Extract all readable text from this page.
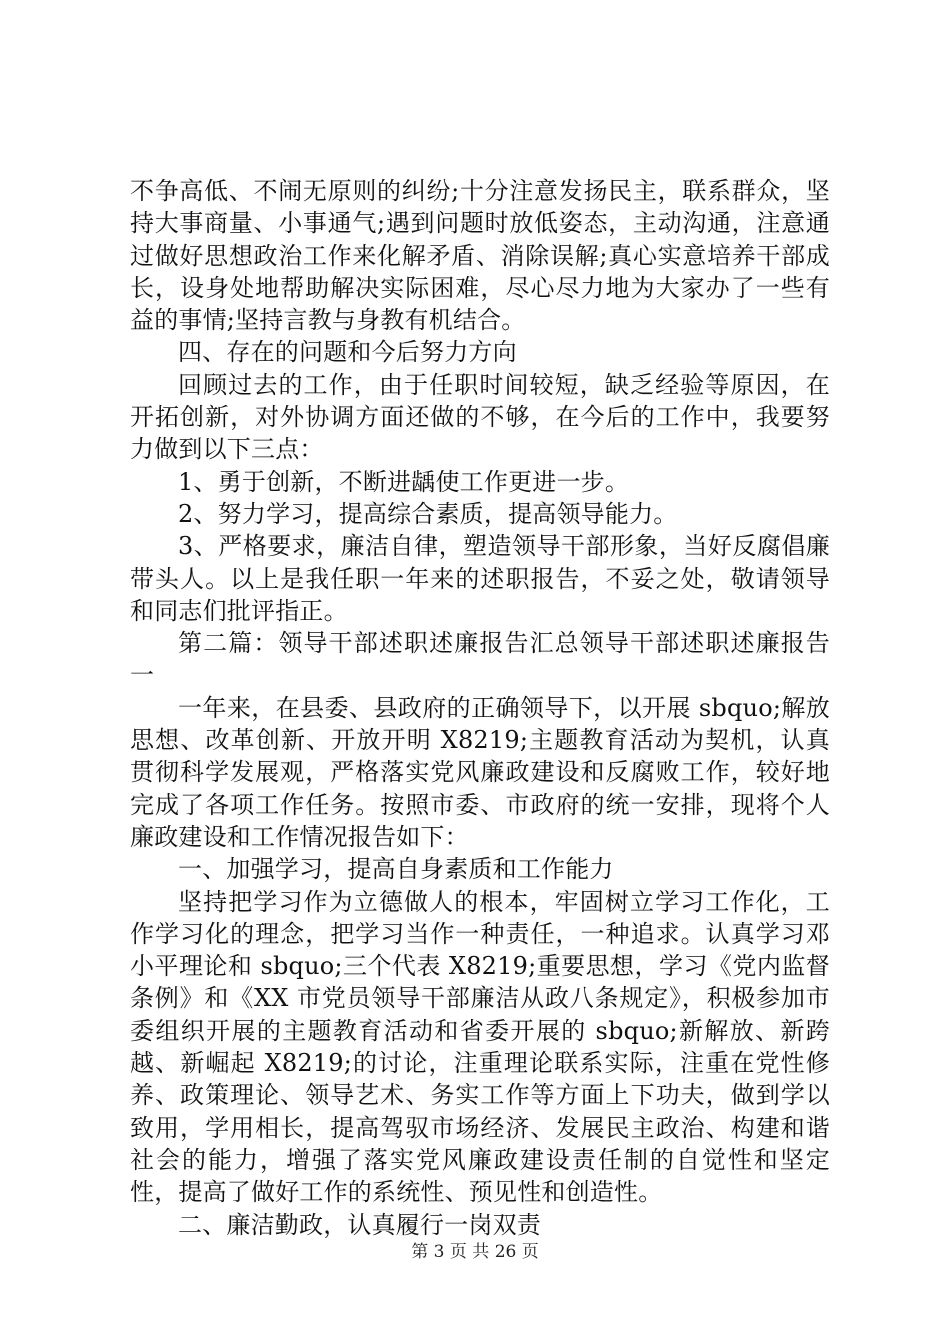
不争高低、不闹无原则的纠纷;十分注意发扬民主，联系群众，坚持大事商量、小事通气;遇到问题时放低姿态，主动沟通，注意通过做好思想政治工作来化解矛盾、消除误解;真心实意培养干部成长，设身处地帮助解决实际困难，尽心尽力地为大家办了一些有益的事情;坚持言教与身教有机结合。

四、存在的问题和今后努力方向

回顾过去的工作，由于任职时间较短，缺乏经验等原因，在开拓创新，对外协调方面还做的不够，在今后的工作中，我要努力做到以下三点：

1、勇于创新，不断进龋使工作更进一步。

2、努力学习，提高综合素质，提高领导能力。

3、严格要求，廉洁自律，塑造领导干部形象，当好反腐倡廉带头人。以上是我任职一年来的述职报告，不妥之处，敬请领导和同志们批评指正。

第二篇：领导干部述职述廉报告汇总领导干部述职述廉报告一

一年来，在县委、县政府的正确领导下，以开展 sbquo;解放思想、改革创新、开放开明 X8219;主题教育活动为契机，认真贯彻科学发展观，严格落实党风廉政建设和反腐败工作，较好地完成了各项工作任务。按照市委、市政府的统一安排，现将个人廉政建设和工作情况报告如下：

一、加强学习，提高自身素质和工作能力

坚持把学习作为立德做人的根本，牢固树立学习工作化，工作学习化的理念，把学习当作一种责任，一种追求。认真学习邓小平理论和 sbquo;三个代表 X8219;重要思想，学习《党内监督条例》和《XX 市党员领导干部廉洁从政八条规定》，积极参加市委组织开展的主题教育活动和省委开展的 sbquo;新解放、新跨越、新崛起 X8219;的讨论，注重理论联系实际，注重在党性修养、政策理论、领导艺术、务实工作等方面上下功夫，做到学以致用，学用相长，提高驾驭市场经济、发展民主政治、构建和谐社会的能力，增强了落实党风廉政建设责任制的自觉性和坚定性，提高了做好工作的系统性、预见性和创造性。

二、廉洁勤政，认真履行一岗双责

第 3 页 共 26 页
